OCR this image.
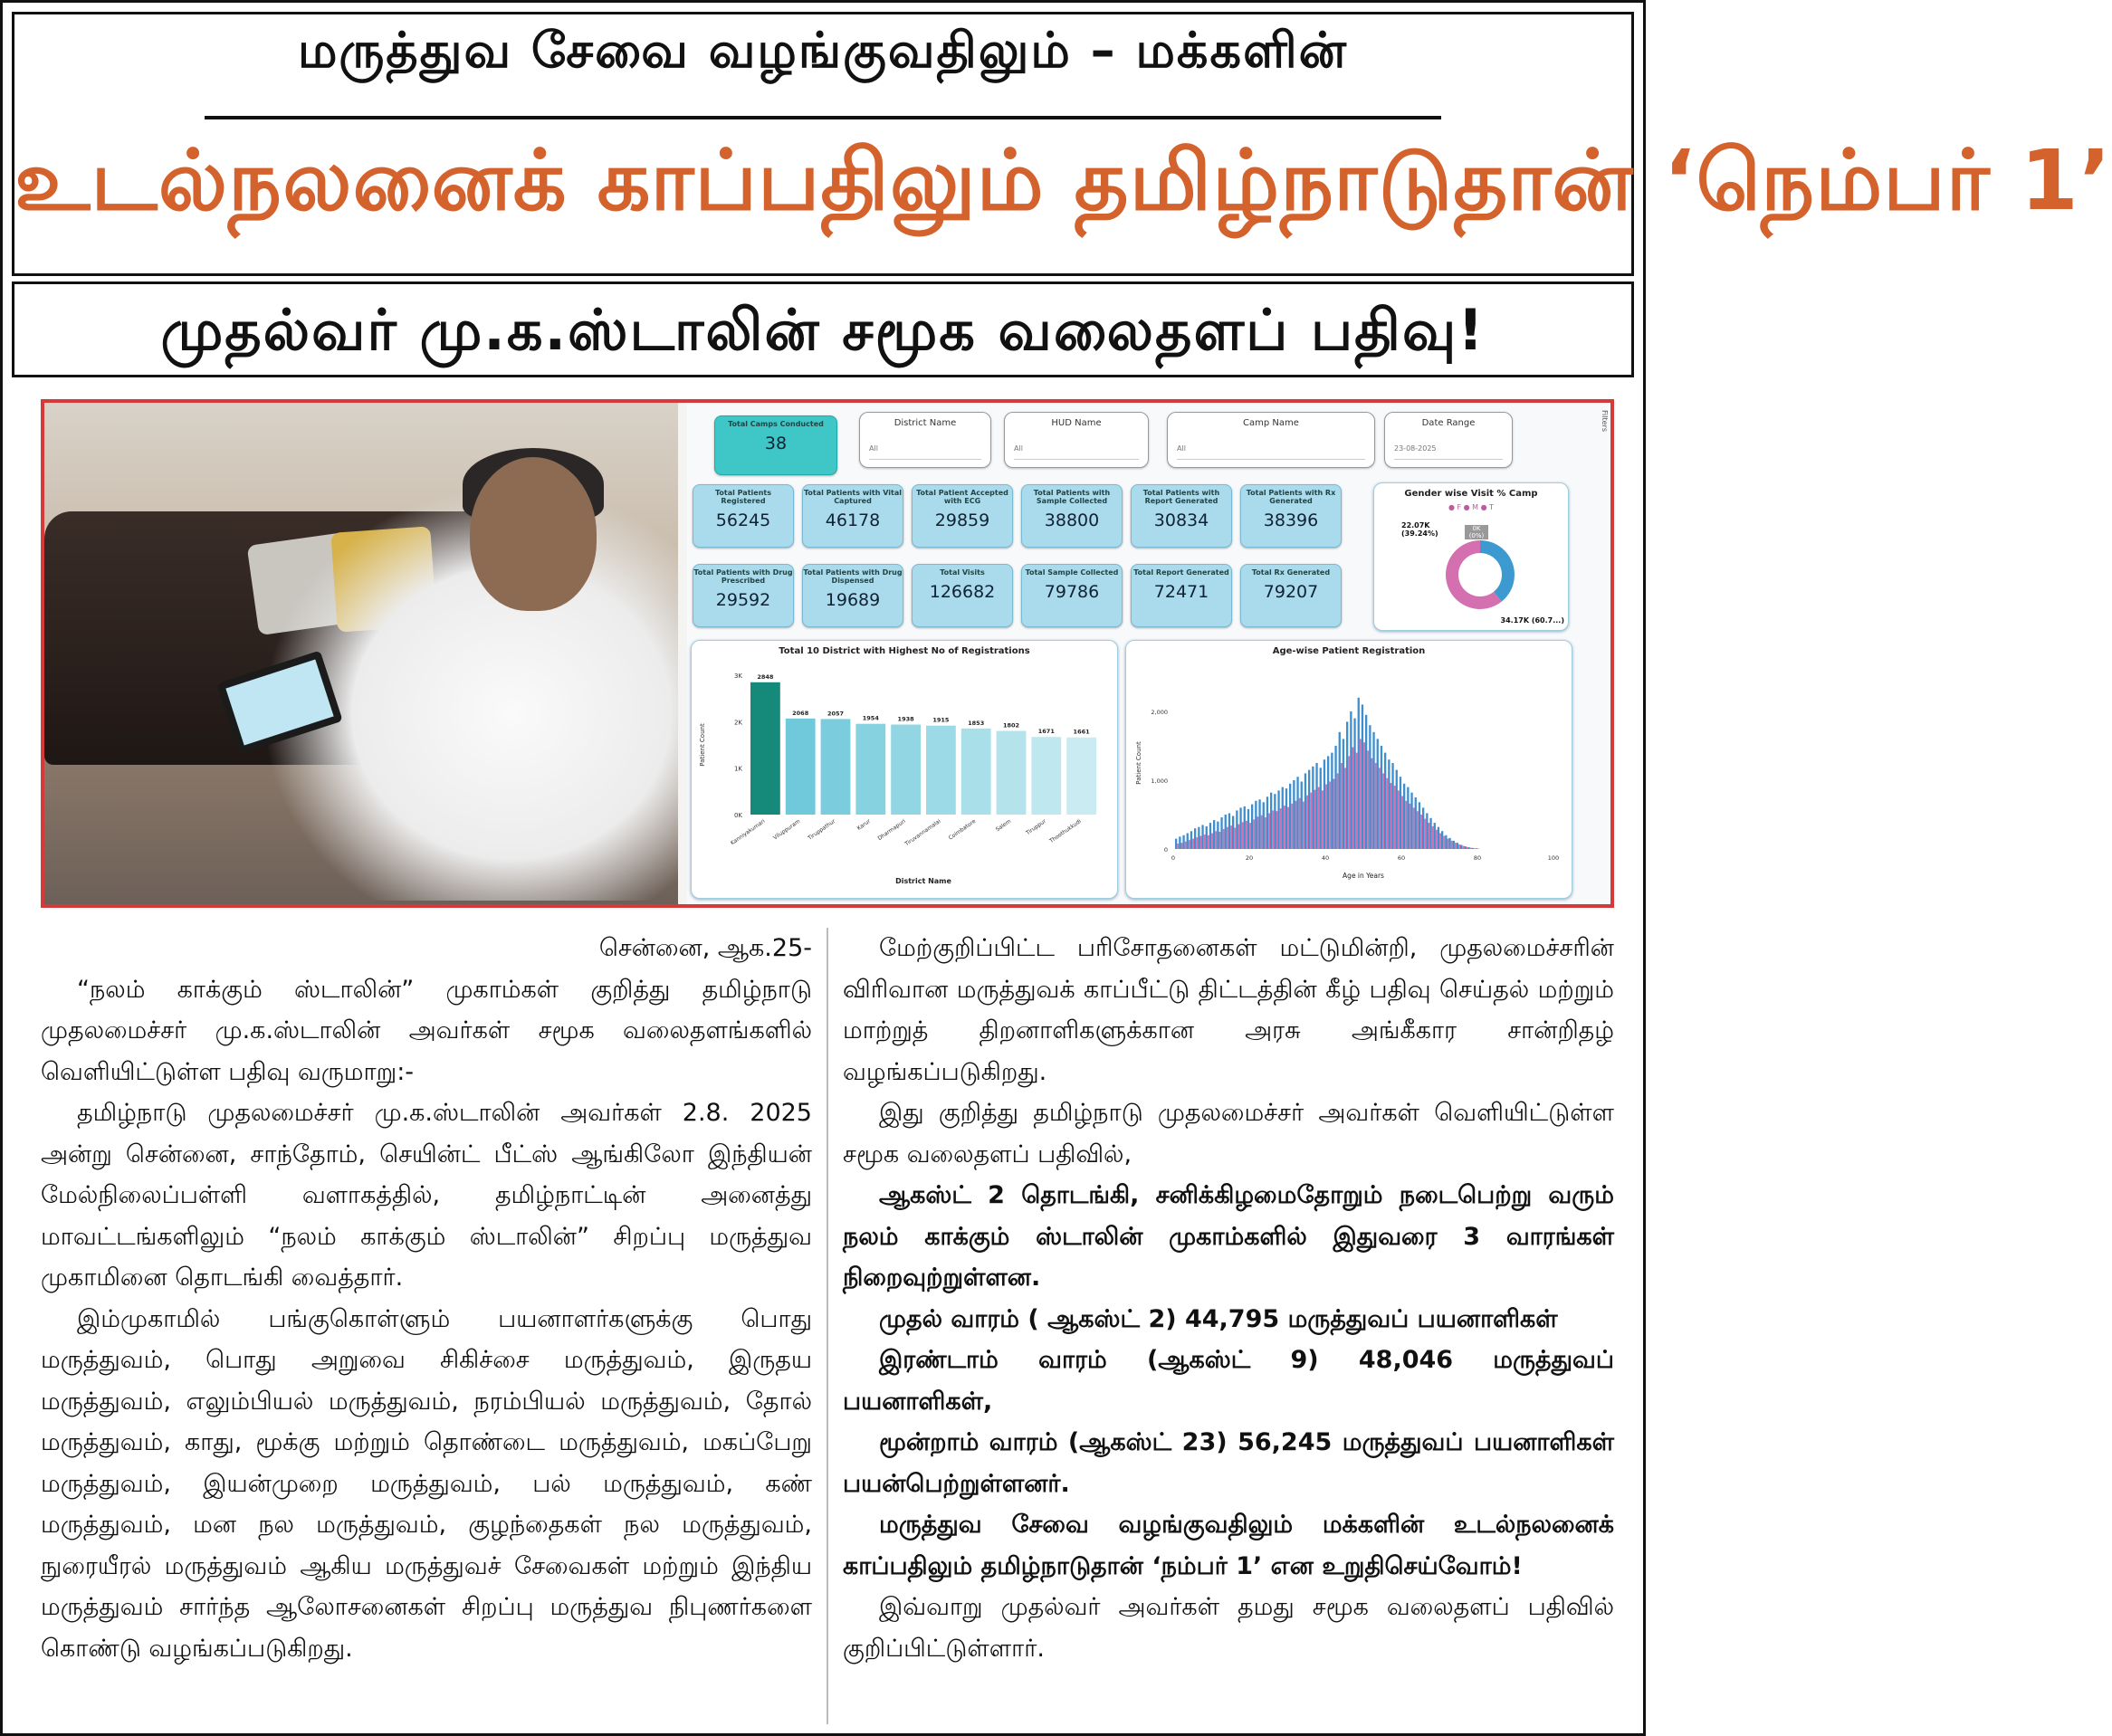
மருத்துவ சேவை வழங்குவதிலும் – மக்களின்
உடல்நலனைக் காப்பதிலும் தமிழ்நாடுதான் ‘நெம்பர் 1’
முதல்வர் மு.க.ஸ்டாலின் சமூக வலைதளப் பதிவு!
Total Camps Conducted
38
District Name
All
HUD Name
All
Camp Name
All
Date Range
23-08-2025
Filters
Gender wise Visit % Camp
● F ● M ● T
22.07K (39.24%)
0K (0%)
34.17K (60.7...)
Total 10 District with Highest No of Registrations
0K
1K
2K
3K	2848
Kanniyakumari
2068
Viluppuram
2057
Tiruppathur
1954
Karur
1938
Dharmapuri
1915
Tiruvannamalai
1853
Coimbatore
1802
Salem
1671
Tiruppur
1661
Thoothukkudi
Patient Count
District Name
Age-wise Patient Registration
0
1,000
2,000
0	20	40	60	80	100
Patient Count
Age in Years
Total Patients Registered
56245
Total Patients with Vital Captured
46178
Total Patient Accepted with ECG
29859
Total Patients with Sample Collected
38800
Total Patients with Report Generated
30834
Total Patients with Rx Generated
38396
Total Patients with Drug Prescribed
29592
Total Patients with Drug Dispensed
19689
Total Visits
126682
Total Sample Collected
79786
Total Report Generated
72471
Total Rx Generated
79207

சென்னை, ஆக.25-

“நலம் காக்கும் ஸ்டாலின்” முகாம்கள் குறித்து தமிழ்நாடு முதலமைச்சர் மு.க.ஸ்டாலின் அவர்கள் சமூக வலைதளங்களில் வெளியிட்டுள்ள பதிவு வருமாறு:-

தமிழ்நாடு முதலமைச்சர் மு.க.ஸ்டாலின் அவர்கள் 2.8. 2025 அன்று சென்னை, சாந்தோம், செயின்ட் பீட்ஸ் ஆங்கிலோ இந்தியன் மேல்நிலைப்பள்ளி வளாகத்தில், தமிழ்நாட்டின் அனைத்து மாவட்டங்களிலும் “நலம் காக்கும் ஸ்டாலின்” சிறப்பு மருத்துவ முகாமினை தொடங்கி வைத்தார்.

இம்முகாமில் பங்குகொள்ளும் பயனாளர்களுக்கு பொது மருத்துவம், பொது அறுவை சிகிச்சை மருத்துவம், இருதய மருத்துவம், எலும்பியல் மருத்துவம், நரம்பியல் மருத்துவம், தோல் மருத்துவம், காது, மூக்கு மற்றும் தொண்டை மருத்துவம், மகப்பேறு மருத்துவம், இயன்முறை மருத்துவம், பல் மருத்துவம், கண் மருத்துவம், மன நல மருத்துவம், குழந்தைகள் நல மருத்துவம், நுரையீரல் மருத்துவம் ஆகிய மருத்துவச் சேவைகள் மற்றும் இந்திய மருத்துவம் சார்ந்த ஆலோசனைகள் சிறப்பு மருத்துவ நிபுணர்களை கொண்டு வழங்கப்படுகிறது.

மேற்குறிப்பிட்ட பரிசோதனைகள் மட்டுமின்றி, முதலமைச்சரின் விரிவான மருத்துவக் காப்பீட்டு திட்டத்தின் கீழ் பதிவு செய்தல் மற்றும் மாற்றுத் திறனாளிகளுக்கான அரசு அங்கீகார சான்றிதழ் வழங்கப்படுகிறது.

இது குறித்து தமிழ்நாடு முதலமைச்சர் அவர்கள் வெளியிட்டுள்ள சமூக வலைதளப் பதிவில்,

ஆகஸ்ட் 2 தொடங்கி, சனிக்கிழமைதோறும் நடைபெற்று வரும் நலம் காக்கும் ஸ்டாலின் முகாம்களில் இதுவரை 3 வாரங்கள் நிறைவுற்றுள்ளன.

முதல் வாரம் ( ஆகஸ்ட் 2) 44,795 மருத்துவப் பயனாளிகள்

இரண்டாம் வாரம் (ஆகஸ்ட் 9) 48,046 மருத்துவப் பயனாளிகள்,

மூன்றாம் வாரம் (ஆகஸ்ட் 23) 56,245 மருத்துவப் பயனாளிகள் பயன்பெற்றுள்ளனர்.

மருத்துவ சேவை வழங்குவதிலும் மக்களின் உடல்நலனைக் காப்பதிலும் தமிழ்நாடுதான் ‘நம்பர் 1’ என உறுதிசெய்வோம்!

இவ்வாறு முதல்வர் அவர்கள் தமது சமூக வலைதளப் பதிவில் குறிப்பிட்டுள்ளார்.
